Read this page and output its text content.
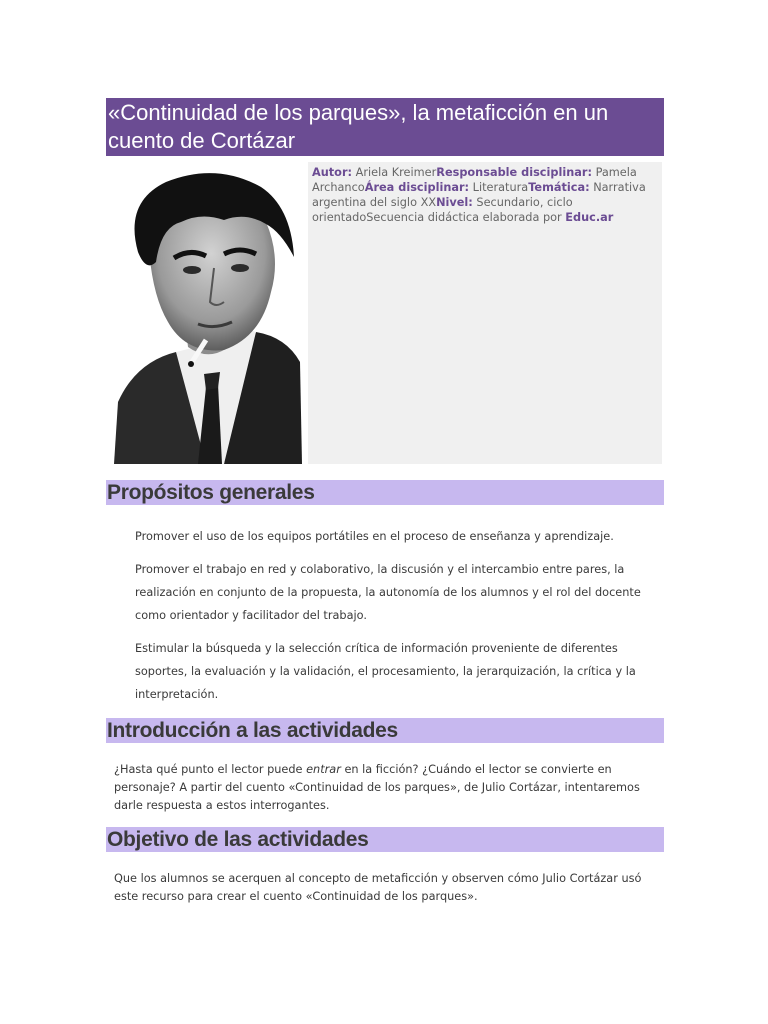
«Continuidad de los parques», la metaficción en un cuento de Cortázar
Autor: Ariela KreimerResponsable disciplinar: Pamela ArchancoÁrea disciplinar: LiteraturaTemática: Narrativa argentina del siglo XXNivel: Secundario, ciclo orientadoSecuencia didáctica elaborada por Educ.ar
Propósitos generales

Promover el uso de los equipos portátiles en el proceso de enseñanza y aprendizaje.

Promover el trabajo en red y colaborativo, la discusión y el intercambio entre pares, la realización en conjunto de la propuesta, la autonomía de los alumnos y el rol del docente como orientador y facilitador del trabajo.

Estimular la búsqueda y la selección crítica de información proveniente de diferentes soportes, la evaluación y la validación, el procesamiento, la jerarquización, la crítica y la interpretación.

Introducción a las actividades

¿Hasta qué punto el lector puede entrar en la ficción? ¿Cuándo el lector se convierte en personaje? A partir del cuento «Continuidad de los parques», de Julio Cortázar, intentaremos darle respuesta a estos interrogantes.

Objetivo de las actividades

Que los alumnos se acerquen al concepto de metaficción y observen cómo Julio Cortázar usó este recurso para crear el cuento «Continuidad de los parques».
